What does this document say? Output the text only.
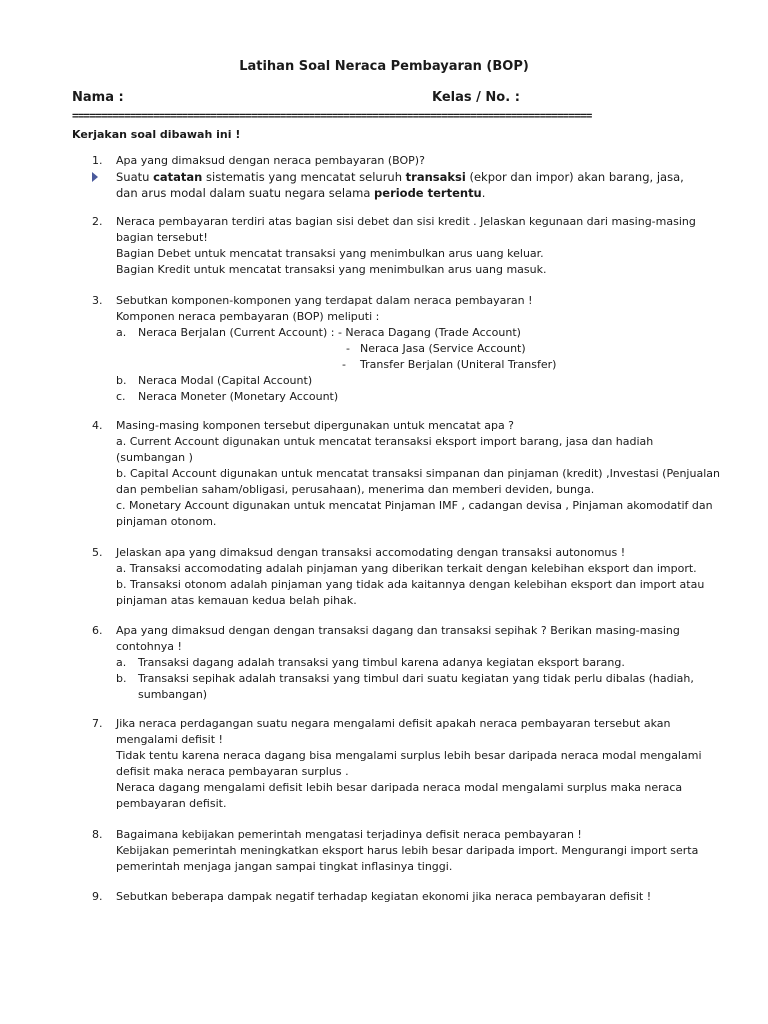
Latihan Soal Neraca Pembayaran (BOP)
Nama :	Kelas / No. :
==========================================================================================
Kerjakan soal dibawah ini !
1.	Apa yang dimaksud dengan neraca pembayaran (BOP)?
Suatu catatan sistematis yang mencatat seluruh transaksi (ekpor dan impor) akan barang, jasa, dan arus modal dalam suatu negara selama periode tertentu.
2.	Neraca pembayaran terdiri atas bagian sisi debet dan sisi kredit . Jelaskan kegunaan dari masing-masing bagian tersebut!
Bagian Debet untuk mencatat transaksi yang menimbulkan arus uang keluar.
Bagian Kredit untuk mencatat transaksi yang menimbulkan arus uang masuk.
3.	Sebutkan komponen-komponen yang terdapat dalam neraca pembayaran !
Komponen neraca pembayaran (BOP) meliputi :
a. Neraca Berjalan (Current Account) : - Neraca Dagang (Trade Account)
- Neraca Jasa (Service Account)
- Transfer Berjalan (Uniteral Transfer)
b. Neraca Modal (Capital Account)
c. Neraca Moneter (Monetary Account)
4.	Masing-masing komponen tersebut dipergunakan untuk mencatat apa ?
a. Current Account digunakan untuk mencatat teransaksi eksport import barang, jasa dan hadiah (sumbangan )
b. Capital Account digunakan untuk mencatat transaksi simpanan dan pinjaman (kredit) ,Investasi (Penjualan dan pembelian saham/obligasi, perusahaan), menerima dan memberi deviden, bunga.
c. Monetary Account digunakan untuk mencatat Pinjaman IMF , cadangan devisa , Pinjaman akomodatif dan pinjaman otonom.
5.	Jelaskan apa yang dimaksud dengan transaksi accomodating dengan transaksi autonomus !
a. Transaksi accomodating adalah pinjaman yang diberikan terkait dengan kelebihan eksport dan import.
b. Transaksi otonom adalah pinjaman yang tidak ada kaitannya dengan kelebihan eksport dan import atau pinjaman atas kemauan kedua belah pihak.
6.	Apa yang dimaksud dengan dengan transaksi dagang dan transaksi sepihak ? Berikan masing-masing contohnya !
a. Transaksi dagang adalah transaksi yang timbul karena adanya kegiatan eksport barang.
b. Transaksi sepihak adalah transaksi yang timbul dari suatu kegiatan yang tidak perlu dibalas (hadiah, sumbangan)
7.	Jika neraca perdagangan suatu negara mengalami defisit apakah neraca pembayaran tersebut akan mengalami defisit !
Tidak tentu karena neraca dagang bisa mengalami surplus lebih besar daripada neraca modal mengalami defisit maka neraca pembayaran surplus .
Neraca dagang mengalami defisit lebih besar daripada neraca modal mengalami surplus maka neraca pembayaran defisit.
8.	Bagaimana kebijakan pemerintah mengatasi terjadinya defisit neraca pembayaran !
Kebijakan pemerintah meningkatkan eksport harus lebih besar daripada import. Mengurangi import serta pemerintah menjaga jangan sampai tingkat inflasinya tinggi.
9.	Sebutkan beberapa dampak negatif terhadap kegiatan ekonomi jika neraca pembayaran defisit !
